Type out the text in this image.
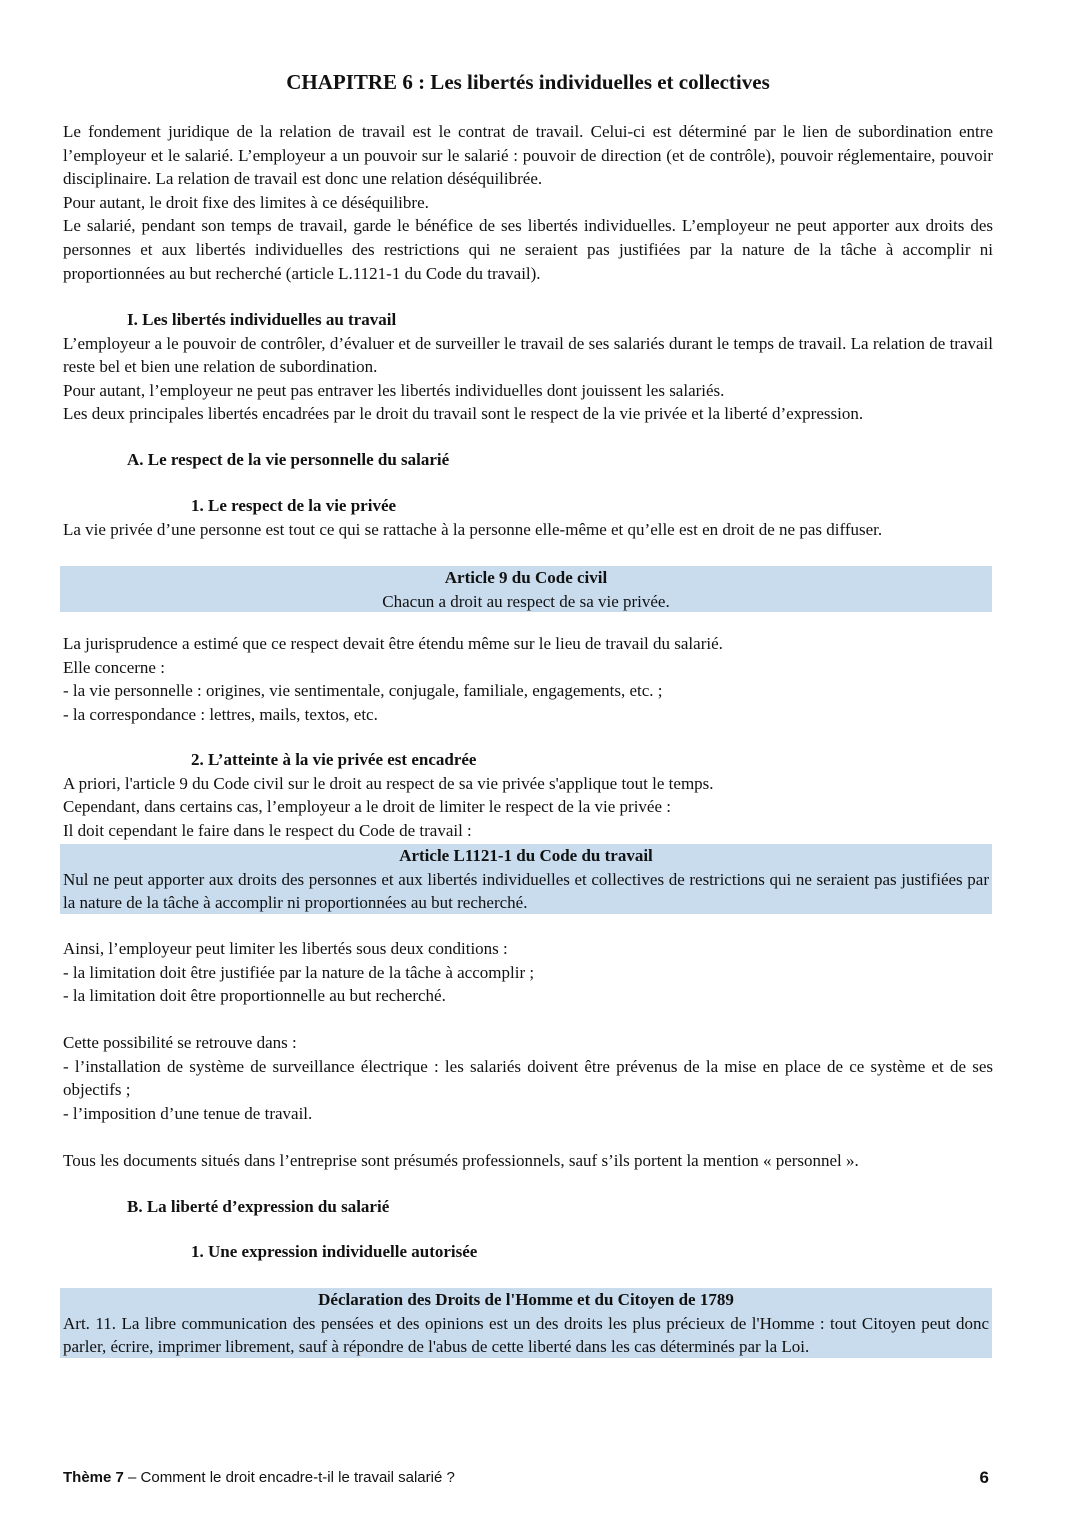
CHAPITRE 6 : Les libertés individuelles et collectives

Le fondement juridique de la relation de travail est le contrat de travail. Celui-ci est déterminé par le lien de subordination entre l’employeur et le salarié. L’employeur a un pouvoir sur le salarié : pouvoir de direction (et de contrôle), pouvoir réglementaire, pouvoir disciplinaire. La relation de travail est donc une relation déséquilibrée.

Pour autant, le droit fixe des limites à ce déséquilibre.

Le salarié, pendant son temps de travail, garde le bénéfice de ses libertés individuelles. L’employeur ne peut apporter aux droits des personnes et aux libertés individuelles des restrictions qui ne seraient pas justifiées par la nature de la tâche à accomplir ni proportionnées au but recherché (article L.1121-1 du Code du travail).

I. Les libertés individuelles au travail

L’employeur a le pouvoir de contrôler, d’évaluer et de surveiller le travail de ses salariés durant le temps de travail. La relation de travail reste bel et bien une relation de subordination.

Pour autant, l’employeur ne peut pas entraver les libertés individuelles dont jouissent les salariés.

Les deux principales libertés encadrées par le droit du travail sont le respect de la vie privée et la liberté d’expression.

A. Le respect de la vie personnelle du salarié

1. Le respect de la vie privée

La vie privée d’une personne est tout ce qui se rattache à la personne elle-même et qu’elle est en droit de ne pas diffuser.

Article 9 du Code civil
Chacun a droit au respect de sa vie privée.

La jurisprudence a estimé que ce respect devait être étendu même sur le lieu de travail du salarié.

Elle concerne :

- la vie personnelle : origines, vie sentimentale, conjugale, familiale, engagements, etc. ;

- la correspondance : lettres, mails, textos, etc.

2. L’atteinte à la vie privée est encadrée

A priori, l'article 9 du Code civil sur le droit au respect de sa vie privée s'applique tout le temps.

Cependant, dans certains cas, l’employeur a le droit de limiter le respect de la vie privée :

Il doit cependant le faire dans le respect du Code de travail :

Article L1121-1 du Code du travail
Nul ne peut apporter aux droits des personnes et aux libertés individuelles et collectives de restrictions qui ne seraient pas justifiées par la nature de la tâche à accomplir ni proportionnées au but recherché.

Ainsi, l’employeur peut limiter les libertés sous deux conditions :

- la limitation doit être justifiée par la nature de la tâche à accomplir ;

- la limitation doit être proportionnelle au but recherché.

Cette possibilité se retrouve dans :

- l’installation de système de surveillance électrique : les salariés doivent être prévenus de la mise en place de ce système et de ses objectifs ;

- l’imposition d’une tenue de travail.

Tous les documents situés dans l’entreprise sont présumés professionnels, sauf s’ils portent la mention « personnel ».

B. La liberté d’expression du salarié

1. Une expression individuelle autorisée

Déclaration des Droits de l'Homme et du Citoyen de 1789
Art. 11. La libre communication des pensées et des opinions est un des droits les plus précieux de l'Homme : tout Citoyen peut donc parler, écrire, imprimer librement, sauf à répondre de l'abus de cette liberté dans les cas déterminés par la Loi.
Thème 7 – Comment le droit encadre-t-il le travail salarié ?	6
